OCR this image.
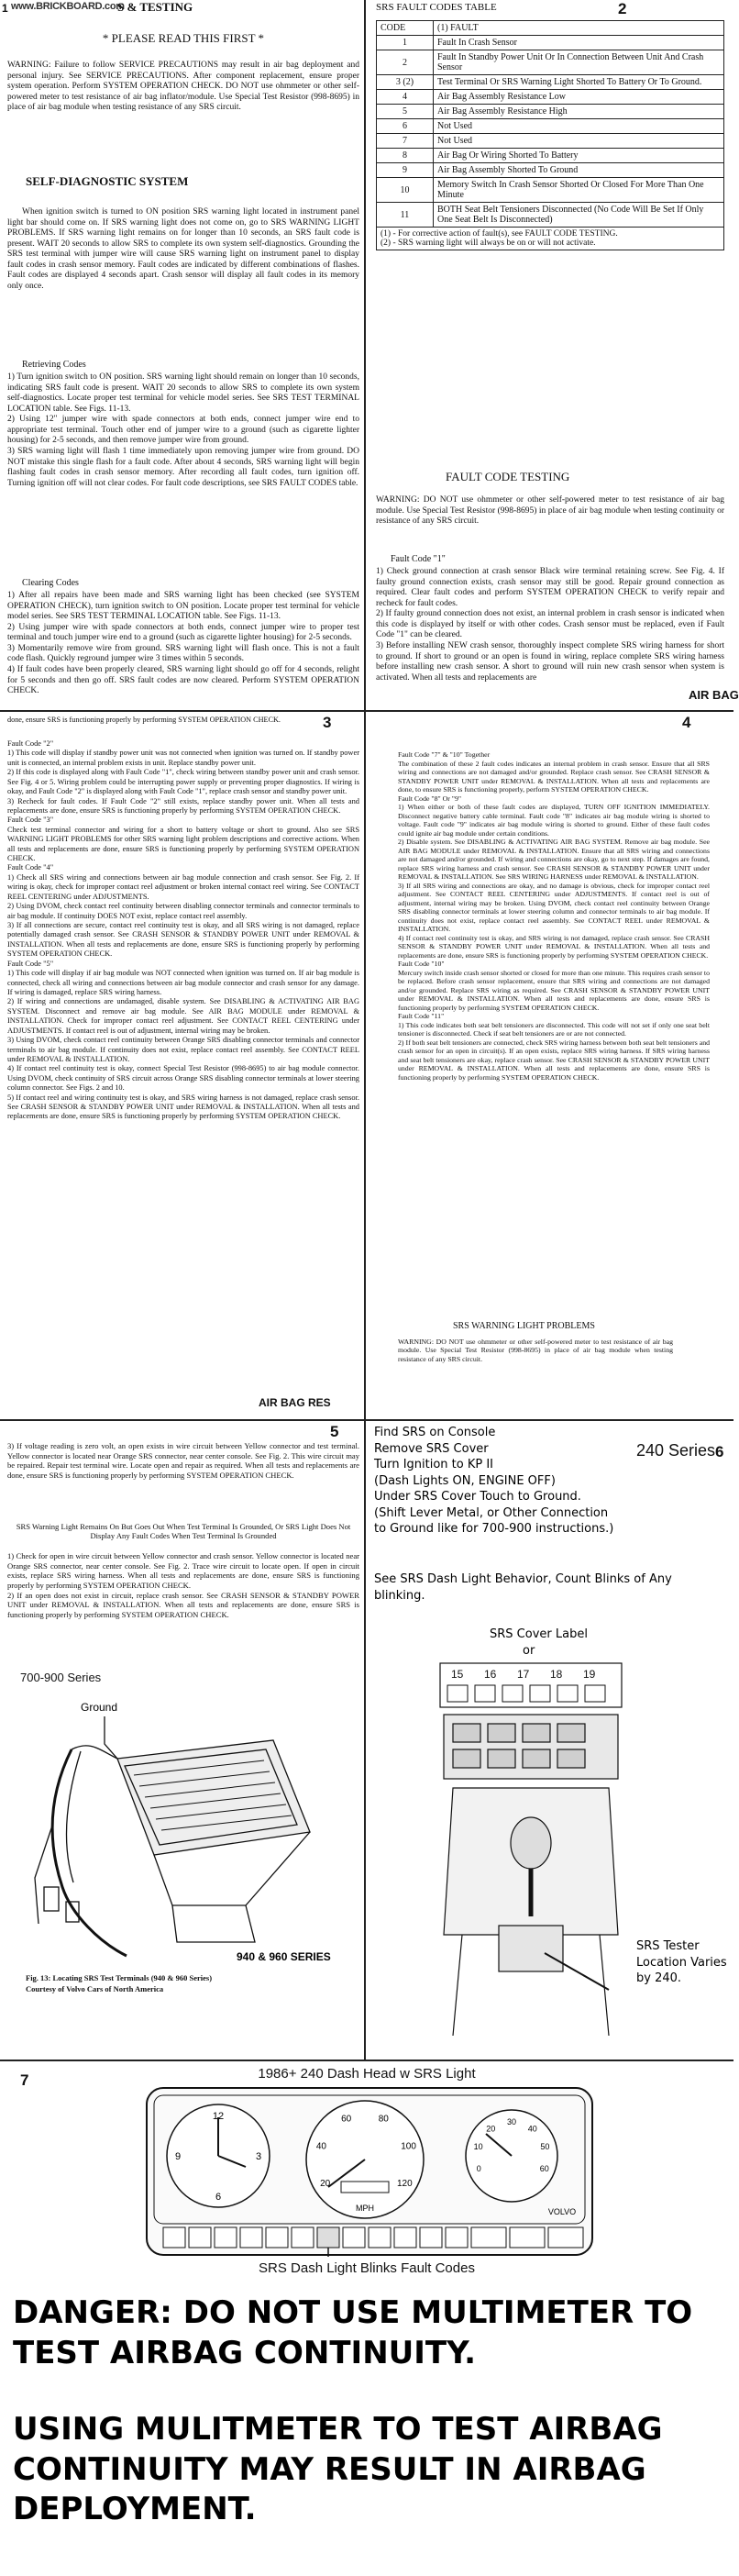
www.BRICKBOARD.com
S & TESTING
1
* PLEASE READ THIS FIRST *
WARNING: Failure to follow SERVICE PRECAUTIONS may result in air bag deployment and personal injury. See SERVICE PRECAUTIONS. After component replacement, ensure proper system operation. Perform SYSTEM OPERATION CHECK. DO NOT use ohmmeter or other self-powered meter to test resistance of air bag inflator/module. Use Special Test Resistor (998-8695) in place of air bag module when testing resistance of any SRS circuit.
SELF-DIAGNOSTIC SYSTEM
When ignition switch is turned to ON position SRS warning light located in instrument panel light bar should come on. If SRS warning light does not come on, go to SRS WARNING LIGHT PROBLEMS. If SRS warning light remains on for longer than 10 seconds, an SRS fault code is present. WAIT 20 seconds to allow SRS to complete its own system self-diagnostics. Grounding the SRS test terminal with jumper wire will cause SRS warning light on instrument panel to display fault codes in crash sensor memory. Fault codes are indicated by different combinations of flashes. Fault codes are displayed 4 seconds apart. Crash sensor will display all fault codes in its memory only once.
Retrieving Codes
1) Turn ignition switch to ON position. SRS warning light should remain on longer than 10 seconds, indicating SRS fault code is present. WAIT 20 seconds to allow SRS to complete its own system self-diagnostics. Locate proper test terminal for vehicle model series. See SRS TEST TERMINAL LOCATION table. See Figs. 11-13.
2) Using 12" jumper wire with spade connectors at both ends, connect jumper wire end to appropriate test terminal. Touch other end of jumper wire to a ground (such as cigarette lighter housing) for 2-5 seconds, and then remove jumper wire from ground.
3) SRS warning light will flash 1 time immediately upon removing jumper wire from ground. DO NOT mistake this single flash for a fault code. After about 4 seconds, SRS warning light will begin flashing fault codes in crash sensor memory. After recording all fault codes, turn ignition off. Turning ignition off will not clear codes. For fault code descriptions, see SRS FAULT CODES table.
Clearing Codes
1) After all repairs have been made and SRS warning light has been checked (see SYSTEM OPERATION CHECK), turn ignition switch to ON position. Locate proper test terminal for vehicle model series. See SRS TEST TERMINAL LOCATION table. See Figs. 11-13.
2) Using jumper wire with spade connectors at both ends, connect jumper wire to proper test terminal and touch jumper wire end to a ground (such as cigarette lighter housing) for 2-5 seconds.
3) Momentarily remove wire from ground. SRS warning light will flash once. This is not a fault code flash. Quickly reground jumper wire 3 times within 5 seconds.
4) If fault codes have been properly cleared, SRS warning light should go off for 4 seconds, relight for 5 seconds and then go off. SRS fault codes are now cleared. Perform SYSTEM OPERATION CHECK.
SRS FAULT CODES TABLE	2
CODE	(1) FAULT
1	Fault In Crash Sensor
2	Fault In Standby Power Unit Or In Connection Between Unit And Crash Sensor
3 (2)	Test Terminal Or SRS Warning Light Shorted To Battery Or To Ground.
4	Air Bag Assembly Resistance Low
5	Air Bag Assembly Resistance High
6	Not Used
7	Not Used
8	Air Bag Or Wiring Shorted To Battery
9	Air Bag Assembly Shorted To Ground
10	Memory Switch In Crash Sensor Shorted Or Closed For More Than One Minute
11	BOTH Seat Belt Tensioners Disconnected (No Code Will Be Set If Only One Seat Belt Is Disconnected)
(1) - For corrective action of fault(s), see FAULT CODE TESTING.
(2) - SRS warning light will always be on or will not activate.	
FAULT CODE TESTING
WARNING: DO NOT use ohmmeter or other self-powered meter to test resistance of air bag module. Use Special Test Resistor (998-8695) in place of air bag module when testing continuity or resistance of any SRS circuit.
Fault Code "1"
1) Check ground connection at crash sensor Black wire terminal retaining screw. See Fig. 4. If faulty ground connection exists, crash sensor may still be good. Repair ground connection as required. Clear fault codes and perform SYSTEM OPERATION CHECK to verify repair and recheck for fault codes.
2) If faulty ground connection does not exist, an internal problem in crash sensor is indicated when this code is displayed by itself or with other codes. Crash sensor must be replaced, even if Fault Code "1" can be cleared.
3) Before installing NEW crash sensor, thoroughly inspect complete SRS wiring harness for short to ground. If short to ground or an open is found in wiring, replace complete SRS wiring harness before installing new crash sensor. A short to ground will ruin new crash sensor when system is activated. When all tests and replacements are
AIR BAG
done, ensure SRS is functioning properly by performing SYSTEM OPERATION CHECK.	3
Fault Code "2"
1) This code will display if standby power unit was not connected when ignition was turned on. If standby power unit is connected, an internal problem exists in unit. Replace standby power unit.
2) If this code is displayed along with Fault Code "1", check wiring between standby power unit and crash sensor. See Fig. 4 or 5. Wiring problem could be interrupting power supply or preventing proper diagnostics. If wiring is okay, and Fault Code "2" is displayed along with Fault Code "1", replace crash sensor and standby power unit.
3) Recheck for fault codes. If Fault Code "2" still exists, replace standby power unit. When all tests and replacements are done, ensure SRS is functioning properly by performing SYSTEM OPERATION CHECK.
Fault Code "3"
Check test terminal connector and wiring for a short to battery voltage or short to ground. Also see SRS WARNING LIGHT PROBLEMS for other SRS warning light problem descriptions and corrective actions. When all tests and replacements are done, ensure SRS is functioning properly by performing SYSTEM OPERATION CHECK.
Fault Code "4"
1) Check all SRS wiring and connections between air bag module connection and crash sensor. See Fig. 2. If wiring is okay, check for improper contact reel adjustment or broken internal contact reel wiring. See CONTACT REEL CENTERING under ADJUSTMENTS.
2) Using DVOM, check contact reel continuity between disabling connector terminals and connector terminals to air bag module. If continuity DOES NOT exist, replace contact reel assembly.
3) If all connections are secure, contact reel continuity test is okay, and all SRS wiring is not damaged, replace potentially damaged crash sensor. See CRASH SENSOR & STANDBY POWER UNIT under REMOVAL & INSTALLATION. When all tests and replacements are done, ensure SRS is functioning properly by performing SYSTEM OPERATION CHECK.
Fault Code "5"
1) This code will display if air bag module was NOT connected when ignition was turned on. If air bag module is connected, check all wiring and connections between air bag module connector and crash sensor for any damage. If wiring is damaged, replace SRS wiring harness.
2) If wiring and connections are undamaged, disable system. See DISABLING & ACTIVATING AIR BAG SYSTEM. Disconnect and remove air bag module. See AIR BAG MODULE under REMOVAL & INSTALLATION. Check for improper contact reel adjustment. See CONTACT REEL CENTERING under ADJUSTMENTS. If contact reel is out of adjustment, internal wiring may be broken.
3) Using DVOM, check contact reel continuity between Orange SRS disabling connector terminals and connector terminals to air bag module. If continuity does not exist, replace contact reel assembly. See CONTACT REEL under REMOVAL & INSTALLATION.
4) If contact reel continuity test is okay, connect Special Test Resistor (998-8695) to air bag module connector. Using DVOM, check continuity of SRS circuit across Orange SRS disabling connector terminals at lower steering column connector. See Figs. 2 and 10.
5) If contact reel and wiring continuity test is okay, and SRS wiring harness is not damaged, replace crash sensor. See CRASH SENSOR & STANDBY POWER UNIT under REMOVAL & INSTALLATION. When all tests and replacements are done, ensure SRS is functioning properly by performing SYSTEM OPERATION CHECK.
AIR BAG RES
4
Fault Code "7" & "10" Together
The combination of these 2 fault codes indicates an internal problem in crash sensor. Ensure that all SRS wiring and connections are not damaged and/or grounded. Replace crash sensor. See CRASH SENSOR & STANDBY POWER UNIT under REMOVAL & INSTALLATION. When all tests and replacements are done, to ensure SRS is functioning properly, perform SYSTEM OPERATION CHECK.
Fault Code "8" Or "9"
1) When either or both of these fault codes are displayed, TURN OFF IGNITION IMMEDIATELY. Disconnect negative battery cable terminal. Fault code "8" indicates air bag module wiring is shorted to voltage. Fault code "9" indicates air bag module wiring is shorted to ground. Either of these fault codes could ignite air bag module under certain conditions.
2) Disable system. See DISABLING & ACTIVATING AIR BAG SYSTEM. Remove air bag module. See AIR BAG MODULE under REMOVAL & INSTALLATION. Ensure that all SRS wiring and connections are not damaged and/or grounded. If wiring and connections are okay, go to next step. If damages are found, replace SRS wiring harness and crash sensor. See CRASH SENSOR & STANDBY POWER UNIT under REMOVAL & INSTALLATION. See SRS WIRING HARNESS under REMOVAL & INSTALLATION.
3) If all SRS wiring and connections are okay, and no damage is obvious, check for improper contact reel adjustment. See CONTACT REEL CENTERING under ADJUSTMENTS. If contact reel is out of adjustment, internal wiring may be broken. Using DVOM, check contact reel continuity between Orange SRS disabling connector terminals at lower steering column and connector terminals to air bag module. If continuity does not exist, replace contact reel assembly. See CONTACT REEL under REMOVAL & INSTALLATION.
4) If contact reel continuity test is okay, and SRS wiring is not damaged, replace crash sensor. See CRASH SENSOR & STANDBY POWER UNIT under REMOVAL & INSTALLATION. When all tests and replacements are done, ensure SRS is functioning properly by performing SYSTEM OPERATION CHECK.
Fault Code "10"
Mercury switch inside crash sensor shorted or closed for more than one minute. This requires crash sensor to be replaced. Before crash sensor replacement, ensure that SRS wiring and connections are not damaged and/or grounded. Replace SRS wiring as required. See CRASH SENSOR & STANDBY POWER UNIT under REMOVAL & INSTALLATION. When all tests and replacements are done, ensure SRS is functioning properly by performing SYSTEM OPERATION CHECK.
Fault Code "11"
1) This code indicates both seat belt tensioners are disconnected. This code will not set if only one seat belt tensioner is disconnected. Check if seat belt tensioners are or are not connected.
2) If both seat belt tensioners are connected, check SRS wiring harness between both seat belt tensioners and crash sensor for an open in circuit(s). If an open exists, replace SRS wiring harness. If SRS wiring harness and seat belt tensioners are okay, replace crash sensor. See CRASH SENSOR & STANDBY POWER UNIT under REMOVAL & INSTALLATION. When all tests and replacements are done, ensure SRS is functioning properly by performing SYSTEM OPERATION CHECK.
SRS WARNING LIGHT PROBLEMS
WARNING: DO NOT use ohmmeter or other self-powered meter to test resistance of air bag module. Use Special Test Resistor (998-8695) in place of air bag module when testing resistance of any SRS circuit.
5
3) If voltage reading is zero volt, an open exists in wire circuit between Yellow connector and test terminal. Yellow connector is located near Orange SRS connector, near center console. See Fig. 2. This wire circuit may be repaired. Repair test terminal wire. Locate open and repair as required. When all tests and replacements are done, ensure SRS is functioning properly by performing SYSTEM OPERATION CHECK.
SRS Warning Light Remains On But Goes Out When Test Terminal Is Grounded, Or SRS Light Does Not Display Any Fault Codes When Test Terminal Is Grounded
1) Check for open in wire circuit between Yellow connector and crash sensor. Yellow connector is located near Orange SRS connector, near center console. See Fig. 2. Trace wire circuit to locate open. If open in circuit exists, replace SRS wiring harness. When all tests and replacements are done, ensure SRS is functioning properly by performing SYSTEM OPERATION CHECK.
2) If an open does not exist in circuit, replace crash sensor. See CRASH SENSOR & STANDBY POWER UNIT under REMOVAL & INSTALLATION. When all tests and replacements are done, ensure SRS is functioning properly by performing SYSTEM OPERATION CHECK.
700-900 Series
Ground
940 & 960 SERIES
Fig. 13: Locating SRS Test Terminals (940 & 960 Series)
Courtesy of Volvo Cars of North America
Find SRS on Console
Remove SRS Cover
Turn Ignition to KP II
(Dash Lights ON, ENGINE OFF)
Under SRS Cover Touch to Ground.
(Shift Lever Metal, or Other Connection
to Ground like for 700-900 instructions.)
240 Series 6
See SRS Dash Light Behavior, Count Blinks of Any blinking.
SRS Cover Label
or
15 16 17 18 19
SRS Tester Location Varies by 240.
7	1986+ 240 Dash Head w SRS Light
12
3
6
9
20
40
60	80
100
120
0
10
20
30
40
50
60
MPH	VOLVO
SRS Dash Light Blinks Fault Codes
DANGER: DO NOT USE MULTIMETER TO TEST AIRBAG CONTINUITY.
USING MULITMETER TO TEST AIRBAG CONTINUITY MAY RESULT IN AIRBAG DEPLOYMENT.
